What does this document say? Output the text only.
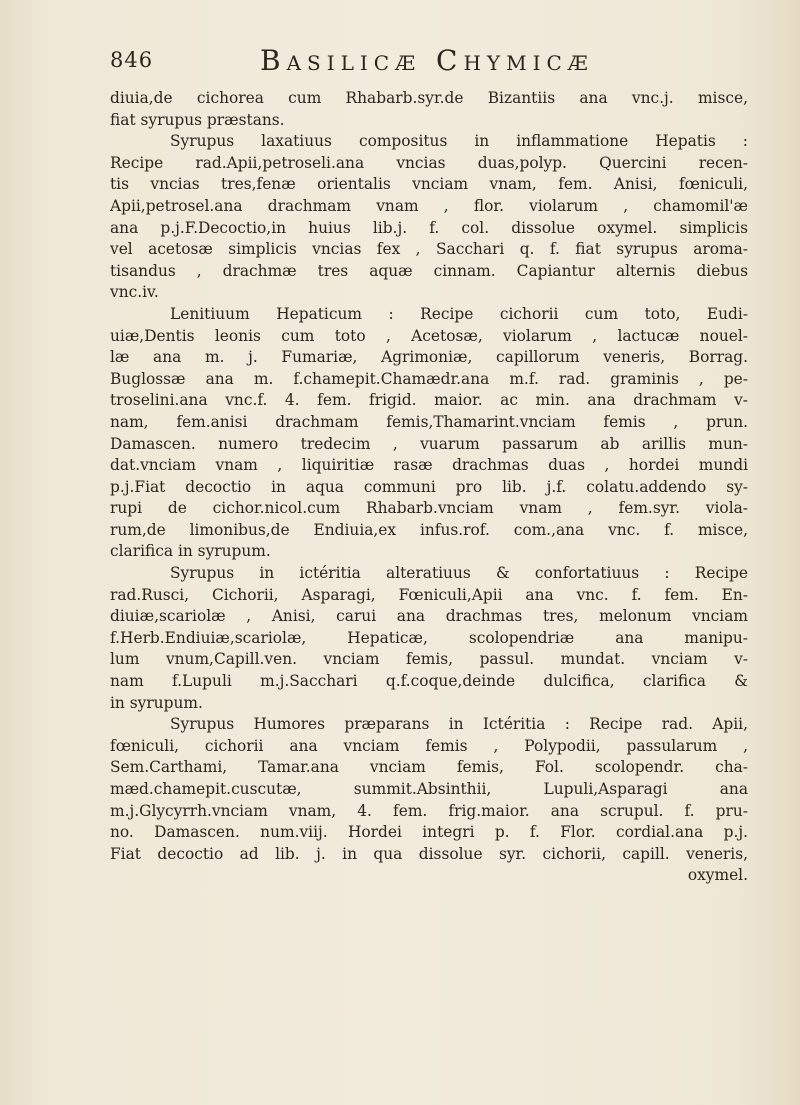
846	Basilicæ Chymicæ
diuia,de cichorea cum Rhabarb.syr.de Bizantiis ana vnc.j. misce,
fiat syrupus præstans.
Syrupus laxatiuus compositus in inflammatione Hepatis :
Recipe rad.Apii,petroseli.ana vncias duas,polyp. Quercini recen-
tis vncias tres,fenæ orientalis vnciam vnam, fem. Anisi, fœniculi,
Apii,petrosel.ana drachmam vnam , flor. violarum , chamomil'æ
ana p.j.F.Decoctio,in huius lib.j. f. col. dissolue oxymel. simplicis
vel acetosæ simplicis vncias fex , Sacchari q. f. fiat syrupus aroma-
tisandus , drachmæ tres aquæ cinnam. Capiantur alternis diebus
vnc.iv.
Lenitiuum Hepaticum : Recipe cichorii cum toto, Eudi-
uiæ,Dentis leonis cum toto , Acetosæ, violarum , lactucæ nouel-
læ ana m. j. Fumariæ, Agrimoniæ, capillorum veneris, Borrag.
Buglossæ ana m. f.chamepit.Chamædr.ana m.f. rad. graminis , pe-
troselini.ana vnc.f. 4. fem. frigid. maior. ac min. ana drachmam v-
nam, fem.anisi drachmam femis,Thamarint.vnciam femis , prun.
Damascen. numero tredecim , vuarum passarum ab arillis mun-
dat.vnciam vnam , liquiritiæ rasæ drachmas duas , hordei mundi
p.j.Fiat decoctio in aqua communi pro lib. j.f. colatu.addendo sy-
rupi de cichor.nicol.cum Rhabarb.vnciam vnam , fem.syr. viola-
rum,de limonibus,de Endiuia,ex infus.rof. com.,ana vnc. f. misce,
clarifica in syrupum.
Syrupus in ictéritia alteratiuus & confortatiuus : Recipe
rad.Rusci, Cichorii, Asparagi, Fœniculi,Apii ana vnc. f. fem. En-
diuiæ,scariolæ , Anisi, carui ana drachmas tres, melonum vnciam
f.Herb.Endiuiæ,scariolæ, Hepaticæ, scolopendriæ ana manipu-
lum vnum,Capill.ven. vnciam femis, passul. mundat. vnciam v-
nam f.Lupuli m.j.Sacchari q.f.coque,deinde dulcifica, clarifica &
in syrupum.
Syrupus Humores præparans in Ictéritia : Recipe rad. Apii,
fœniculi, cichorii ana vnciam femis , Polypodii, passularum ,
Sem.Carthami, Tamar.ana vnciam femis, Fol. scolopendr. cha-
mæd.chamepit.cuscutæ, summit.Absinthii, Lupuli,Asparagi ana
m.j.Glycyrrh.vnciam vnam, 4. fem. frig.maior. ana scrupul. f. pru-
no. Damascen. num.viij. Hordei integri p. f. Flor. cordial.ana p.j.
Fiat decoctio ad lib. j. in qua dissolue syr. cichorii, capill. veneris,
oxymel.
